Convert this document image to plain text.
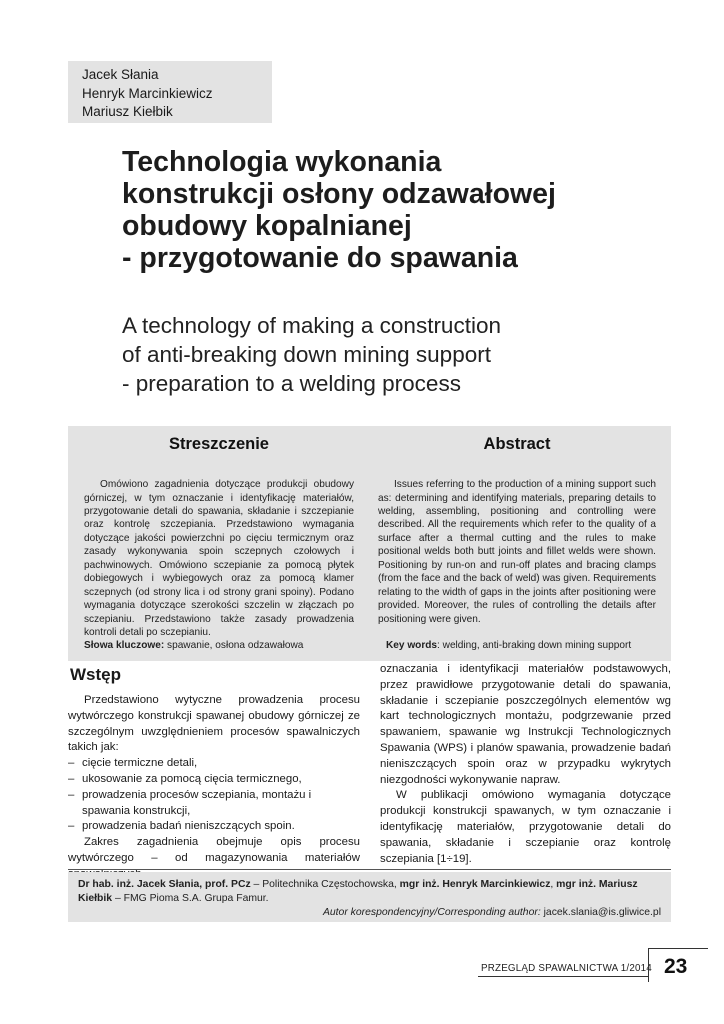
Jacek Słania
Henryk Marcinkiewicz
Mariusz Kiełbik
Technologia wykonania
konstrukcji osłony odzawałowej
obudowy kopalnianej
- przygotowanie do spawania
A technology of making a construction
of anti-breaking down mining support
- preparation to a welding process
Streszczenie

Omówiono zagadnienia dotyczące produkcji obudowy górniczej, w tym oznaczanie i identyfikację materiałów, przygotowanie detali do spawania, składanie i szczepianie oraz kontrolę szczepiania. Przedstawiono wymagania dotyczące jakości powierzchni po cięciu termicznym oraz zasady wykonywania spoin sczepnych czołowych i pachwinowych. Omówiono sczepianie za pomocą płytek dobiegowych i wybiegowych oraz za pomocą klamer sczepnych (od strony lica i od strony grani spoiny). Podano wymagania dotyczące szerokości szczelin w złączach po sczepianiu. Przedstawiono także zasady prowadzenia kontroli detali po sczepianiu.

Słowa kluczowe: spawanie, osłona odzawałowa
Abstract

Issues referring to the production of a mining support such as: determining and identifying materials, preparing details to welding, assembling, positioning and controlling were described. All the requirements which refer to the quality of a surface after a thermal cutting and the rules to make positional welds both butt joints and fillet welds were shown. Positioning by run-on and run-off plates and bracing clamps (from the face and the back of weld) was given. Requirements relating to the width of gaps in the joints after positioning were provided. Moreover, the rules of controlling the details after positioning were given.

Key words: welding, anti-braking down mining support
Wstęp

Przedstawiono wytyczne prowadzenia procesu wytwórczego konstrukcji spawanej obudowy górniczej ze szczególnym uwzględnieniem procesów spawalniczych takich jak:

– cięcie termiczne detali,
– ukosowanie za pomocą cięcia termicznego,
– prowadzenia procesów sczepiania, montażu i spawania konstrukcji,
– prowadzenia badań nieniszczących spoin.

Zakres zagadnienia obejmuje opis procesu wytwórczego – od magazynowania materiałów

oznaczania i identyfikacji materiałów podstawowych, przez prawidłowe przygotowanie detali do spawania, składanie i sczepianie poszczególnych elementów wg kart technologicznych montażu, podgrzewanie przed spawaniem, spawanie wg Instrukcji Technologicznych Spawania (WPS) i planów spawania, prowadzenie badań nieniszczących spoin oraz w przypadku wykrytych niezgodności wykonywanie napraw.

W publikacji omówiono wymagania dotyczące produkcji konstrukcji spawanych, w tym oznaczanie i identyfikację materiałów, przygotowanie detali do spawania, składanie i sczepianie oraz kontrolę sczepiania [1÷19].

Dr hab. inż. Jacek Słania, prof. PCz – Politechnika Częstochowska, mgr inż. Henryk Marcinkiewicz, mgr inż. Mariusz Kiełbik – FMG Pioma S.A. Grupa Famur.
Autor korespondencyjny/Corresponding author: jacek.slania@is.gliwice.pl
PRZEGLĄD SPAWALNICTWA 1/2014 23
